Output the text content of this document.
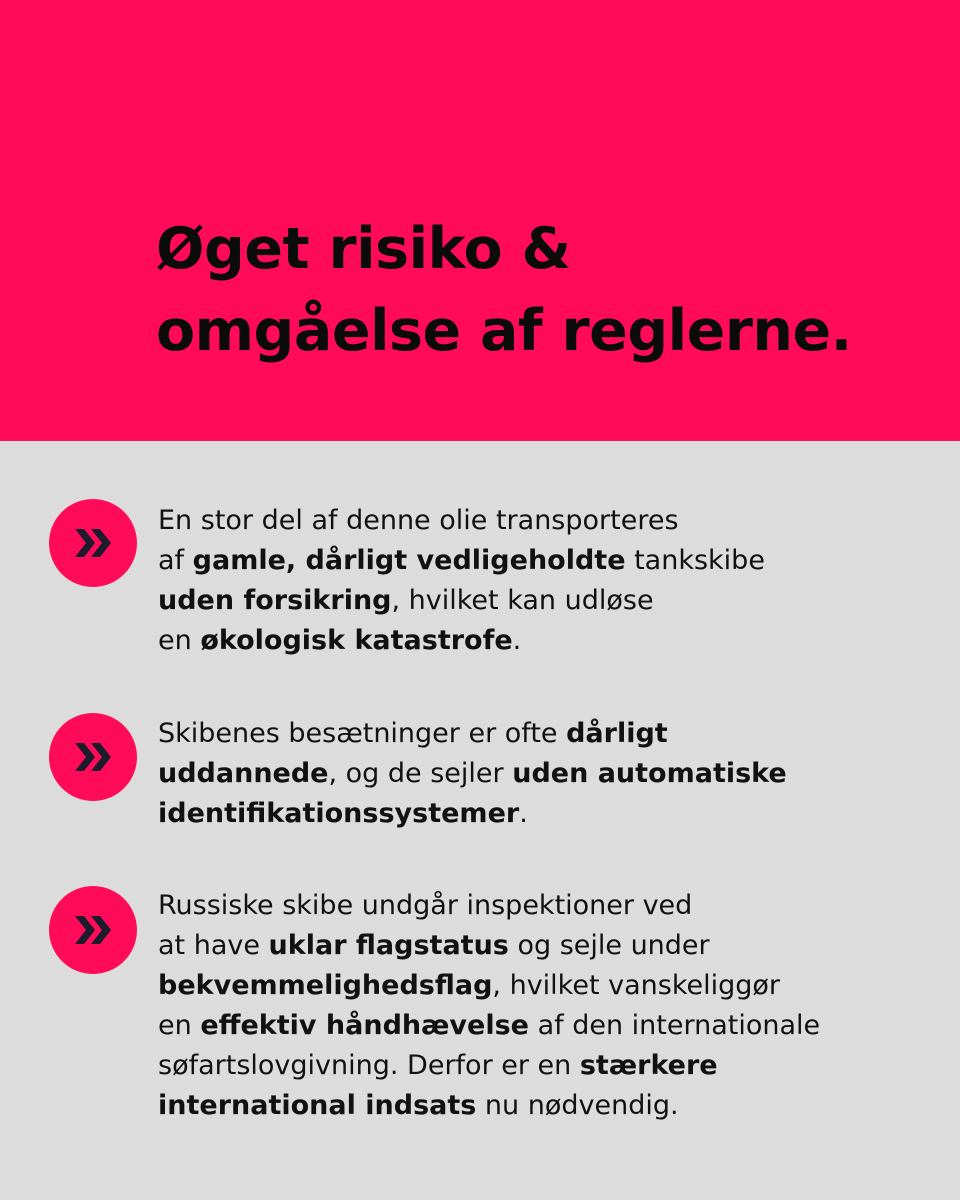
Øget risiko &
omgåelse af reglerne.

En stor del af denne olie transporteres
af gamle, dårligt vedligeholdte tankskibe
uden forsikring, hvilket kan udløse
en økologisk katastrofe.

Skibenes besætninger er ofte dårligt
uddannede, og de sejler uden automatiske
identifikationssystemer.

Russiske skibe undgår inspektioner ved
at have uklar flagstatus og sejle under
bekvemmelighedsflag, hvilket vanskeliggør
en effektiv håndhævelse af den internationale
søfartslovgivning. Derfor er en stærkere
international indsats nu nødvendig.
